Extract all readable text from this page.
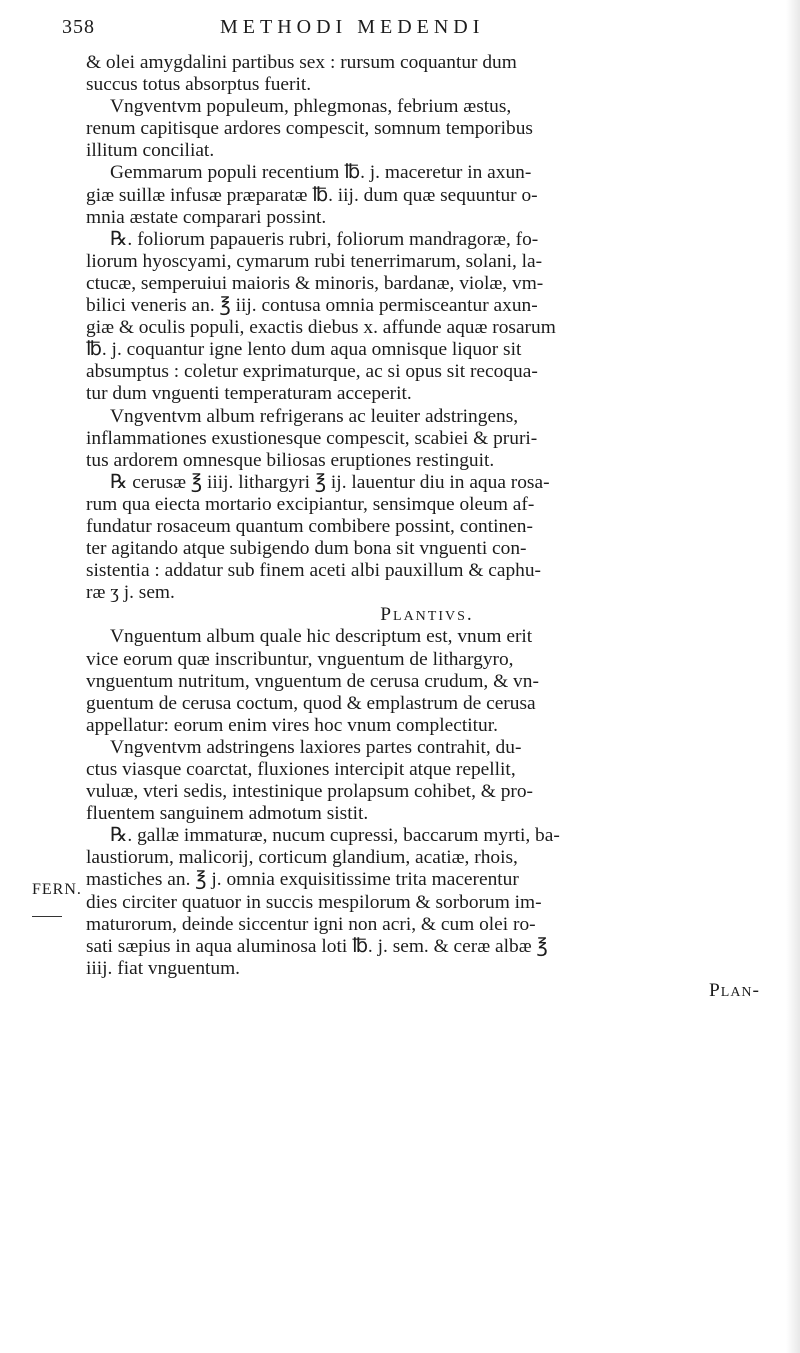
358	METHODI MEDENDI
FERN.
& olei amygdalini partibus sex : rursum coquantur dum
succus totus absorptus fuerit.
Vngventvm populeum, phlegmonas, febrium æstus,
renum capitisque ardores compescit, somnum temporibus
illitum conciliat.
Gemmarum populi recentium ℔. j. maceretur in axun-
giæ suillæ infusæ præparatæ ℔. iij. dum quæ sequuntur o-
mnia æstate comparari possint.
℞. foliorum papaueris rubri, foliorum mandragoræ, fo-
liorum hyoscyami, cymarum rubi tenerrimarum, solani, la-
ctucæ, semperuiui maioris & minoris, bardanæ, violæ, vm-
bilici veneris an. ℥ iij. contusa omnia permisceantur axun-
giæ & oculis populi, exactis diebus x. affunde aquæ rosarum
℔. j. coquantur igne lento dum aqua omnisque liquor sit
absumptus : coletur exprimaturque, ac si opus sit recoqua-
tur dum vnguenti temperaturam acceperit.
Vngventvm album refrigerans ac leuiter adstringens,
inflammationes exustionesque compescit, scabiei & pruri-
tus ardorem omnesque biliosas eruptiones restinguit.
℞ cerusæ ℥ iiij. lithargyri ℥ ij. lauentur diu in aqua rosa-
rum qua eiecta mortario excipiantur, sensimque oleum af-
fundatur rosaceum quantum combibere possint, continen-
ter agitando atque subigendo dum bona sit vnguenti con-
sistentia : addatur sub finem aceti albi pauxillum & caphu-
ræ ʒ j. sem.
Plantivs.
Vnguentum album quale hic descriptum est, vnum erit
vice eorum quæ inscribuntur, vnguentum de lithargyro,
vnguentum nutritum, vnguentum de cerusa crudum, & vn-
guentum de cerusa coctum, quod & emplastrum de cerusa
appellatur: eorum enim vires hoc vnum complectitur.
Vngventvm adstringens laxiores partes contrahit, du-
ctus viasque coarctat, fluxiones intercipit atque repellit,
vuluæ, vteri sedis, intestinique prolapsum cohibet, & pro-
fluentem sanguinem admotum sistit.
℞. gallæ immaturæ, nucum cupressi, baccarum myrti, ba-
laustiorum, malicorij, corticum glandium, acatiæ, rhois,
mastiches an. ℥ j. omnia exquisitissime trita macerentur
dies circiter quatuor in succis mespilorum & sorborum im-
maturorum, deinde siccentur igni non acri, & cum olei ro-
sati sæpius in aqua aluminosa loti ℔. j. sem. & ceræ albæ ℥
iiij. fiat vnguentum.
Plan-
